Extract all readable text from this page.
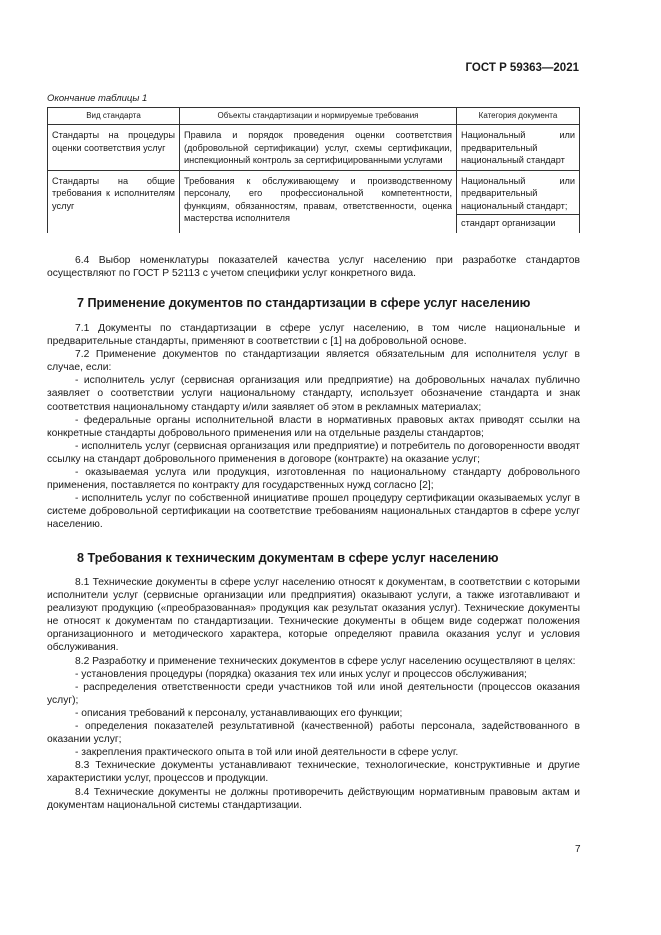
ГОСТ Р 59363—2021
Окончание таблицы 1
Вид стандарта	Объекты стандартизации и нормируемые требования	Категория документа
Стандарты на процедуры оценки соответствия услуг	Правила и порядок проведения оценки соответствия (добровольной сертификации) услуг, схемы сертификации, инспекционный контроль за сертифицированными услугами	Национальный или предварительный национальный стандарт
Стандарты на общие требования к исполнителям услуг	Требования к обслуживающему и производственному персоналу, его профессиональной компетентности, функциям, обязанностям, правам, ответственности, оценка мастерства исполнителя	Национальный или предварительный национальный стандарт;
стандарт организации

6.4 Выбор номенклатуры показателей качества услуг населению при разработке стандартов осуществляют по ГОСТ Р 52113 с учетом специфики услуг конкретного вида.

7 Применение документов по стандартизации в сфере услуг населению

7.1 Документы по стандартизации в сфере услуг населению, в том числе национальные и предварительные стандарты, применяют в соответствии с [1] на добровольной основе.

7.2 Применение документов по стандартизации является обязательным для исполнителя услуг в случае, если:

- исполнитель услуг (сервисная организация или предприятие) на добровольных началах публично заявляет о соответствии услуги национальному стандарту, использует обозначение стандарта и знак соответствия национальному стандарту и/или заявляет об этом в рекламных материалах;

- федеральные органы исполнительной власти в нормативных правовых актах приводят ссылки на конкретные стандарты добровольного применения или на отдельные разделы стандартов;

- исполнитель услуг (сервисная организация или предприятие) и потребитель по договоренности вводят ссылку на стандарт добровольного применения в договоре (контракте) на оказание услуг;

- оказываемая услуга или продукция, изготовленная по национальному стандарту добровольного применения, поставляется по контракту для государственных нужд согласно [2];

- исполнитель услуг по собственной инициативе прошел процедуру сертификации оказываемых услуг в системе добровольной сертификации на соответствие требованиям национальных стандартов в сфере услуг населению.

8 Требования к техническим документам в сфере услуг населению

8.1 Технические документы в сфере услуг населению относят к документам, в соответствии с которыми исполнители услуг (сервисные организации или предприятия) оказывают услуги, а также изготавливают и реализуют продукцию («преобразованная» продукция как результат оказания услуг). Технические документы не относят к документам по стандартизации. Технические документы в общем виде содержат положения организационного и методического характера, которые определяют правила оказания услуг и условия обслуживания.

8.2 Разработку и применение технических документов в сфере услуг населению осуществляют в целях:

- установления процедуры (порядка) оказания тех или иных услуг и процессов обслуживания;

- распределения ответственности среди участников той или иной деятельности (процессов оказания услуг);

- описания требований к персоналу, устанавливающих его функции;

- определения показателей результативной (качественной) работы персонала, задействованного в оказании услуг;

- закрепления практического опыта в той или иной деятельности в сфере услуг.

8.3 Технические документы устанавливают технические, технологические, конструктивные и другие характеристики услуг, процессов и продукции.

8.4 Технические документы не должны противоречить действующим нормативным правовым актам и документам национальной системы стандартизации.

7
